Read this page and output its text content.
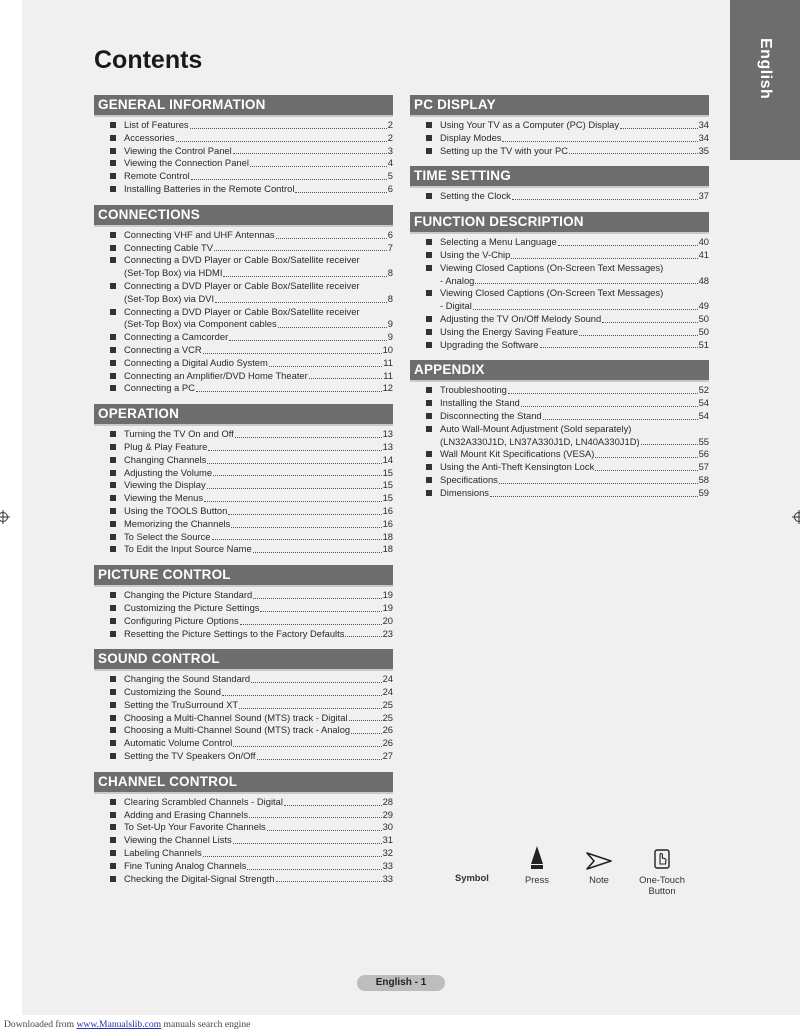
English
Contents
GENERAL INFORMATION
List of Features	2
Accessories	2
Viewing the Control Panel	3
Viewing the Connection Panel	4
Remote Control	5
Installing Batteries in the Remote Control	6
CONNECTIONS
Connecting VHF and UHF Antennas	6
Connecting Cable TV	7
Connecting a DVD Player or Cable Box/Satellite receiver
(Set-Top Box) via HDMI	8
Connecting a DVD Player or Cable Box/Satellite receiver
(Set-Top Box) via DVI	8
Connecting a DVD Player or Cable Box/Satellite receiver
(Set-Top Box) via Component cables	9
Connecting a Camcorder	9
Connecting a VCR	10
Connecting a Digital Audio System	11
Connecting an Amplifier/DVD Home Theater	11
Connecting a PC	12
OPERATION
Turning the TV On and Off	13
Plug & Play Feature	13
Changing Channels	14
Adjusting the Volume	15
Viewing the Display	15
Viewing the Menus	15
Using the TOOLS Button	16
Memorizing the Channels	16
To Select the Source	18
To Edit the Input Source Name	18
PICTURE CONTROL
Changing the Picture Standard	19
Customizing the Picture Settings	19
Configuring Picture Options	20
Resetting the Picture Settings to the Factory Defaults	23
SOUND CONTROL
Changing the Sound Standard	24
Customizing the Sound	24
Setting the TruSurround XT	25
Choosing a Multi-Channel Sound (MTS) track - Digital	25
Choosing a Multi-Channel Sound (MTS) track - Analog	26
Automatic Volume Control	26
Setting the TV Speakers On/Off	27
CHANNEL CONTROL
Clearing Scrambled Channels - Digital	28
Adding and Erasing Channels	29
To Set-Up Your Favorite Channels	30
Viewing the Channel Lists	31
Labeling Channels	32
Fine Tuning Analog Channels	33
Checking the Digital-Signal Strength	33
PC DISPLAY
Using Your TV as a Computer (PC) Display	34
Display Modes	34
Setting up the TV with your PC	35
TIME SETTING
Setting the Clock	37
FUNCTION DESCRIPTION
Selecting a Menu Language	40
Using the V-Chip	41
Viewing Closed Captions (On-Screen Text Messages)
- Analog	48
Viewing Closed Captions (On-Screen Text Messages)
- Digital	49
Adjusting the TV On/Off Melody Sound	50
Using the Energy Saving Feature	50
Upgrading the Software	51
APPENDIX
Troubleshooting	52
Installing the Stand	54
Disconnecting the Stand	54
Auto Wall-Mount Adjustment (Sold separately)
(LN32A330J1D, LN37A330J1D, LN40A330J1D)	55
Wall Mount Kit Specifications (VESA)	56
Using the Anti-Theft Kensington Lock	57
Specifications	58
Dimensions	59
Symbol	Press	Note	One-Touch
Button
English - 1
Downloaded from www.Manualslib.com manuals search engine
